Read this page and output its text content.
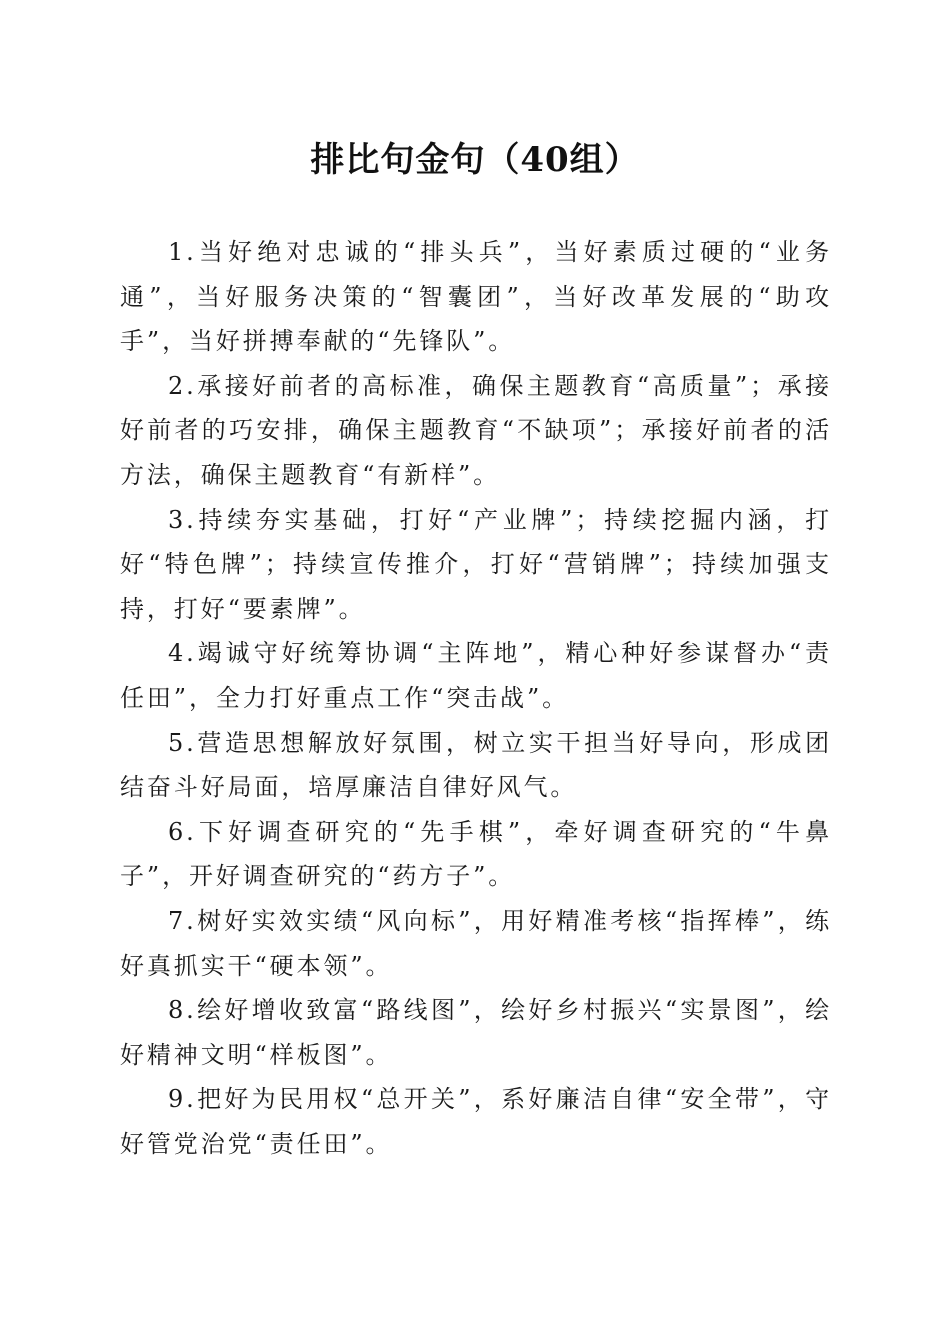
排比句金句（40组）

1.当好绝对忠诚的“排头兵”，当好素质过硬的“业务通”，当好服务决策的“智囊团”，当好改革发展的“助攻手”，当好拼搏奉献的“先锋队”。

2.承接好前者的高标准，确保主题教育“高质量”；承接好前者的巧安排，确保主题教育“不缺项”；承接好前者的活方法，确保主题教育“有新样”。

3.持续夯实基础，打好“产业牌”；持续挖掘内涵，打好“特色牌”；持续宣传推介，打好“营销牌”；持续加强支持，打好“要素牌”。

4.竭诚守好统筹协调“主阵地”，精心种好参谋督办“责任田”，全力打好重点工作“突击战”。

5.营造思想解放好氛围，树立实干担当好导向，形成团结奋斗好局面，培厚廉洁自律好风气。

6.下好调查研究的“先手棋”，牵好调查研究的“牛鼻子”，开好调查研究的“药方子”。

7.树好实效实绩“风向标”，用好精准考核“指挥棒”，练好真抓实干“硬本领”。

8.绘好增收致富“路线图”，绘好乡村振兴“实景图”，绘好精神文明“样板图”。

9.把好为民用权“总开关”，系好廉洁自律“安全带”，守好管党治党“责任田”。
